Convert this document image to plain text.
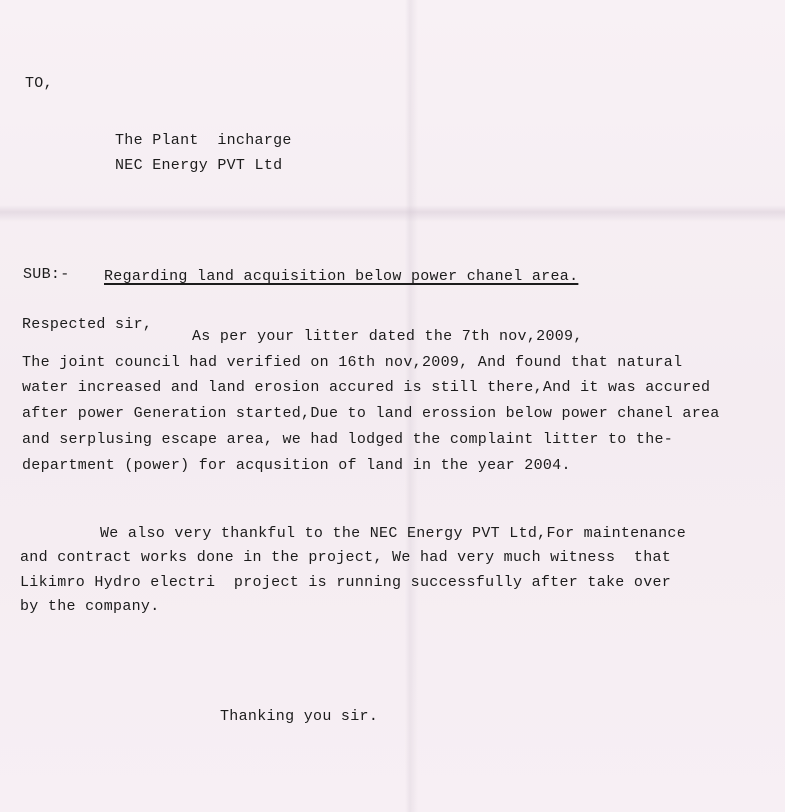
TO,
The Plant  incharge
NEC Energy PVT Ltd
SUB:- Regarding land acquisition below power chanel area.
Respected sir,
As per your litter dated the 7th nov,2009,
The joint council had verified on 16th nov,2009, And found that natural
water increased and land erosion accured is still there,And it was accured
after power Generation started,Due to land erossion below power chanel area
and serplusing escape area, we had lodged the complaint litter to the-
department (power) for acqusition of land in the year 2004.
We also very thankful to the NEC Energy PVT Ltd,For maintenance
and contract works done in the project, We had very much witness  that
Likimro Hydro electri  project is running successfully after take over
by the company.
Thanking you sir.
